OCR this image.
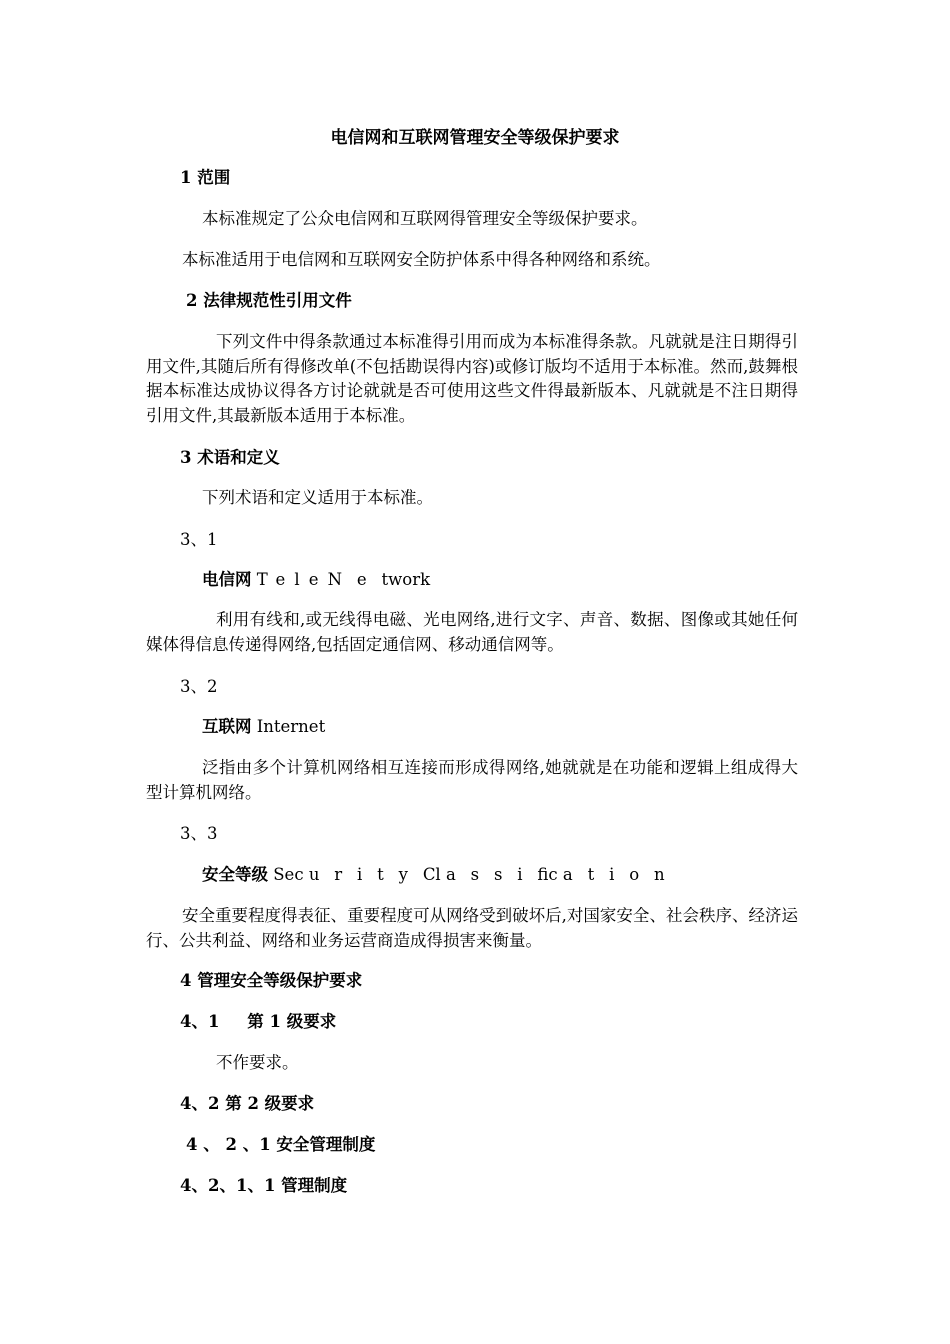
电信网和互联网管理安全等级保护要求
1 范围
本标准规定了公众电信网和互联网得管理安全等级保护要求。
本标准适用于电信网和互联网安全防护体系中得各种网络和系统。
2 法律规范性引用文件
下列文件中得条款通过本标准得引用而成为本标准得条款。凡就就是注日期得引用文件,其随后所有得修改单(不包括勘误得内容)或修订版均不适用于本标准。然而,鼓舞根据本标准达成协议得各方讨论就就是否可使用这些文件得最新版本、凡就就是不注日期得引用文件,其最新版本适用于本标准。
3 术语和定义
下列术语和定义适用于本标准。
3、1
电信网 TeleNetwork
利用有线和,或无线得电磁、光电网络,进行文字、声音、数据、图像或其她任何媒体得信息传递得网络,包括固定通信网、移动通信网等。
3、2
互联网 Internet
泛指由多个计算机网络相互连接而形成得网络,她就就是在功能和逻辑上组成得大型计算机网络。
3、3
安全等级 Sec urityCl assific ation
安全重要程度得表征、重要程度可从网络受到破坏后,对国家安全、社会秩序、经济运行、公共利益、网络和业务运营商造成得损害来衡量。
4 管理安全等级保护要求
4、1 第 1 级要求
不作要求。
4、2 第 2 级要求
4 、 2 、1 安全管理制度
4、2、1、1 管理制度
